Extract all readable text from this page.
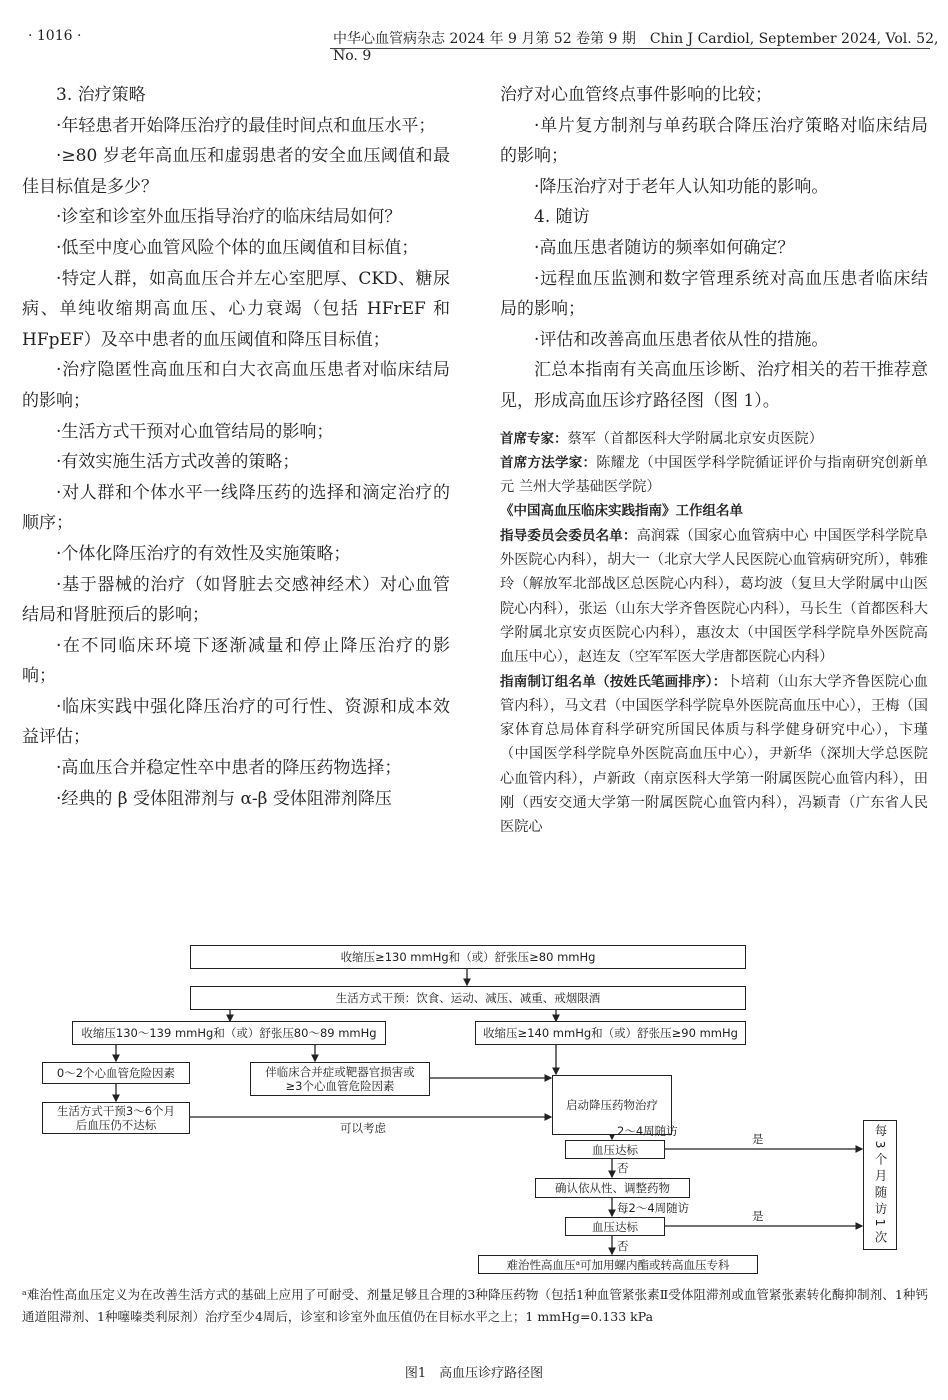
· 1016 ·	中华心血管病杂志 2024 年 9 月第 52 卷第 9 期　Chin J Cardiol, September 2024, Vol. 52, No. 9

3. 治疗策略

·年轻患者开始降压治疗的最佳时间点和血压水平；

·≥80 岁老年高血压和虚弱患者的安全血压阈值和最佳目标值是多少？

·诊室和诊室外血压指导治疗的临床结局如何？

·低至中度心血管风险个体的血压阈值和目标值；

·特定人群，如高血压合并左心室肥厚、CKD、糖尿病、单纯收缩期高血压、心力衰竭（包括 HFrEF 和 HFpEF）及卒中患者的血压阈值和降压目标值；

·治疗隐匿性高血压和白大衣高血压患者对临床结局的影响；

·生活方式干预对心血管结局的影响；

·有效实施生活方式改善的策略；

·对人群和个体水平一线降压药的选择和滴定治疗的顺序；

·个体化降压治疗的有效性及实施策略；

·基于器械的治疗（如肾脏去交感神经术）对心血管结局和肾脏预后的影响；

·在不同临床环境下逐渐减量和停止降压治疗的影响；

·临床实践中强化降压治疗的可行性、资源和成本效益评估；

·高血压合并稳定性卒中患者的降压药物选择；

·经典的 β 受体阻滞剂与 α-β 受体阻滞剂降压

治疗对心血管终点事件影响的比较；

·单片复方制剂与单药联合降压治疗策略对临床结局的影响；

·降压治疗对于老年人认知功能的影响。

4. 随访

·高血压患者随访的频率如何确定？

·远程血压监测和数字管理系统对高血压患者临床结局的影响；

·评估和改善高血压患者依从性的措施。

汇总本指南有关高血压诊断、治疗相关的若干推荐意见，形成高血压诊疗路径图（图 1）。

首席专家：蔡军（首都医科大学附属北京安贞医院）

首席方法学家：陈耀龙（中国医学科学院循证评价与指南研究创新单元 兰州大学基础医学院）

《中国高血压临床实践指南》工作组名单

指导委员会委员名单：高润霖（国家心血管病中心 中国医学科学院阜外医院心内科），胡大一（北京大学人民医院心血管病研究所），韩雅玲（解放军北部战区总医院心内科），葛均波（复旦大学附属中山医院心内科），张运（山东大学齐鲁医院心内科），马长生（首都医科大学附属北京安贞医院心内科），惠汝太（中国医学科学院阜外医院高血压中心），赵连友（空军军医大学唐都医院心内科）

指南制订组名单（按姓氏笔画排序）：卜培莉（山东大学齐鲁医院心血管内科），马文君（中国医学科学院阜外医院高血压中心），王梅（国家体育总局体育科学研究所国民体质与科学健身研究中心），卞瑾（中国医学科学院阜外医院高血压中心），尹新华（深圳大学总医院心血管内科），卢新政（南京医科大学第一附属医院心血管内科），田刚（西安交通大学第一附属医院心血管内科），冯颖青（广东省人民医院心

收缩压≥130 mmHg和（或）舒张压≥80 mmHg
生活方式干预：饮食、运动、减压、减重、戒烟限酒
收缩压130～139 mmHg和（或）舒张压80～89 mmHg	收缩压≥140 mmHg和（或）舒张压≥90 mmHg
0～2个心血管危险因素	伴临床合并症或靶器官损害或≥3个心血管危险因素
生活方式干预3～6个月后血压仍不达标
启动降压药物治疗
可以考虑	2～4周随访
血压达标
否
是
确认依从性、调整药物
每2～4周随访
血压达标
否
是
难治性高血压ᵃ可加用螺内酯或转高血压专科
每3个月随访1次
ᵃ难治性高血压定义为在改善生活方式的基础上应用了可耐受、剂量足够且合理的3种降压药物（包括1种血管紧张素Ⅱ受体阻滞剂或血管紧张素转化酶抑制剂、1种钙通道阻滞剂、1种噻嗪类利尿剂）治疗至少4周后，诊室和诊室外血压值仍在目标水平之上；1 mmHg=0.133 kPa
图1　高血压诊疗路径图
